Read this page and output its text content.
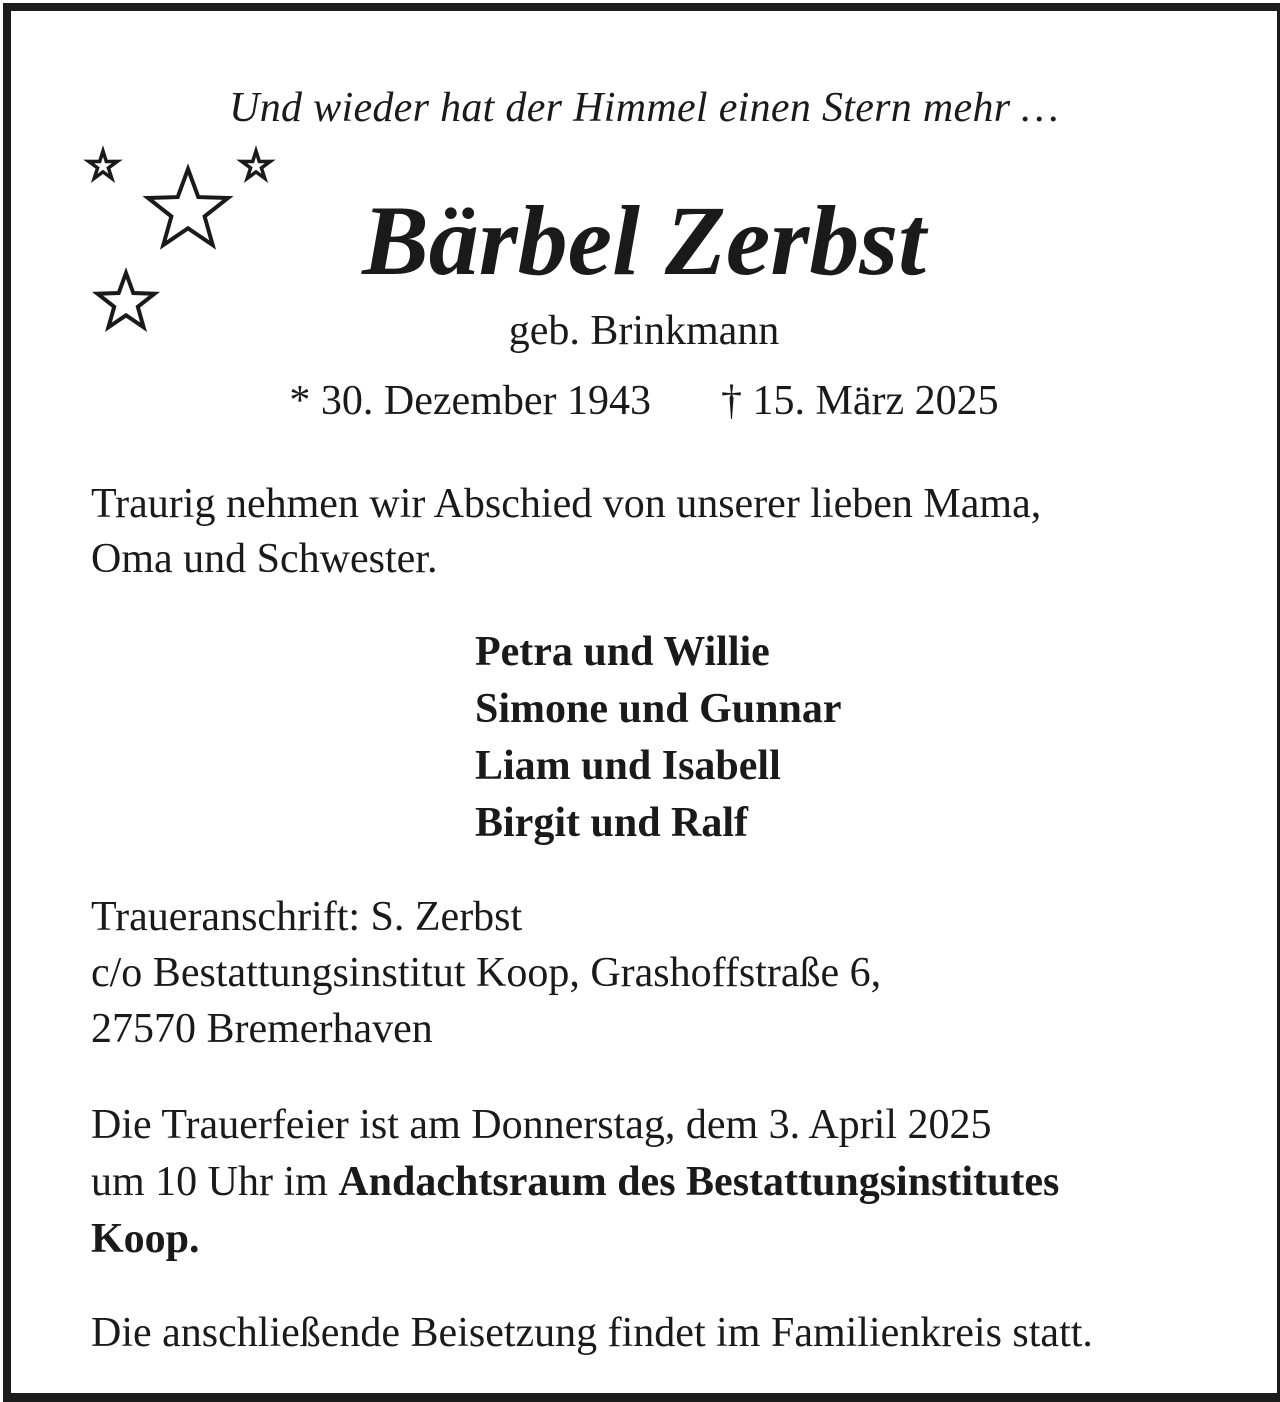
Und wieder hat der Himmel einen Stern mehr …

Bärbel Zerbst

geb. Brinkmann

* 30. Dezember 1943 † 15. März 2025

Traurig nehmen wir Abschied von unserer lieben Mama,
Oma und Schwester.

Petra und Willie
Simone und Gunnar
Liam und Isabell
Birgit und Ralf

Traueranschrift: S. Zerbst
c/o Bestattungsinstitut Koop, Grashoffstraße 6,
27570 Bremerhaven

Die Trauerfeier ist am Donnerstag, dem 3. April 2025
um 10 Uhr im Andachtsraum des Bestattungsinstitutes
Koop.

Die anschließende Beisetzung findet im Familienkreis statt.
